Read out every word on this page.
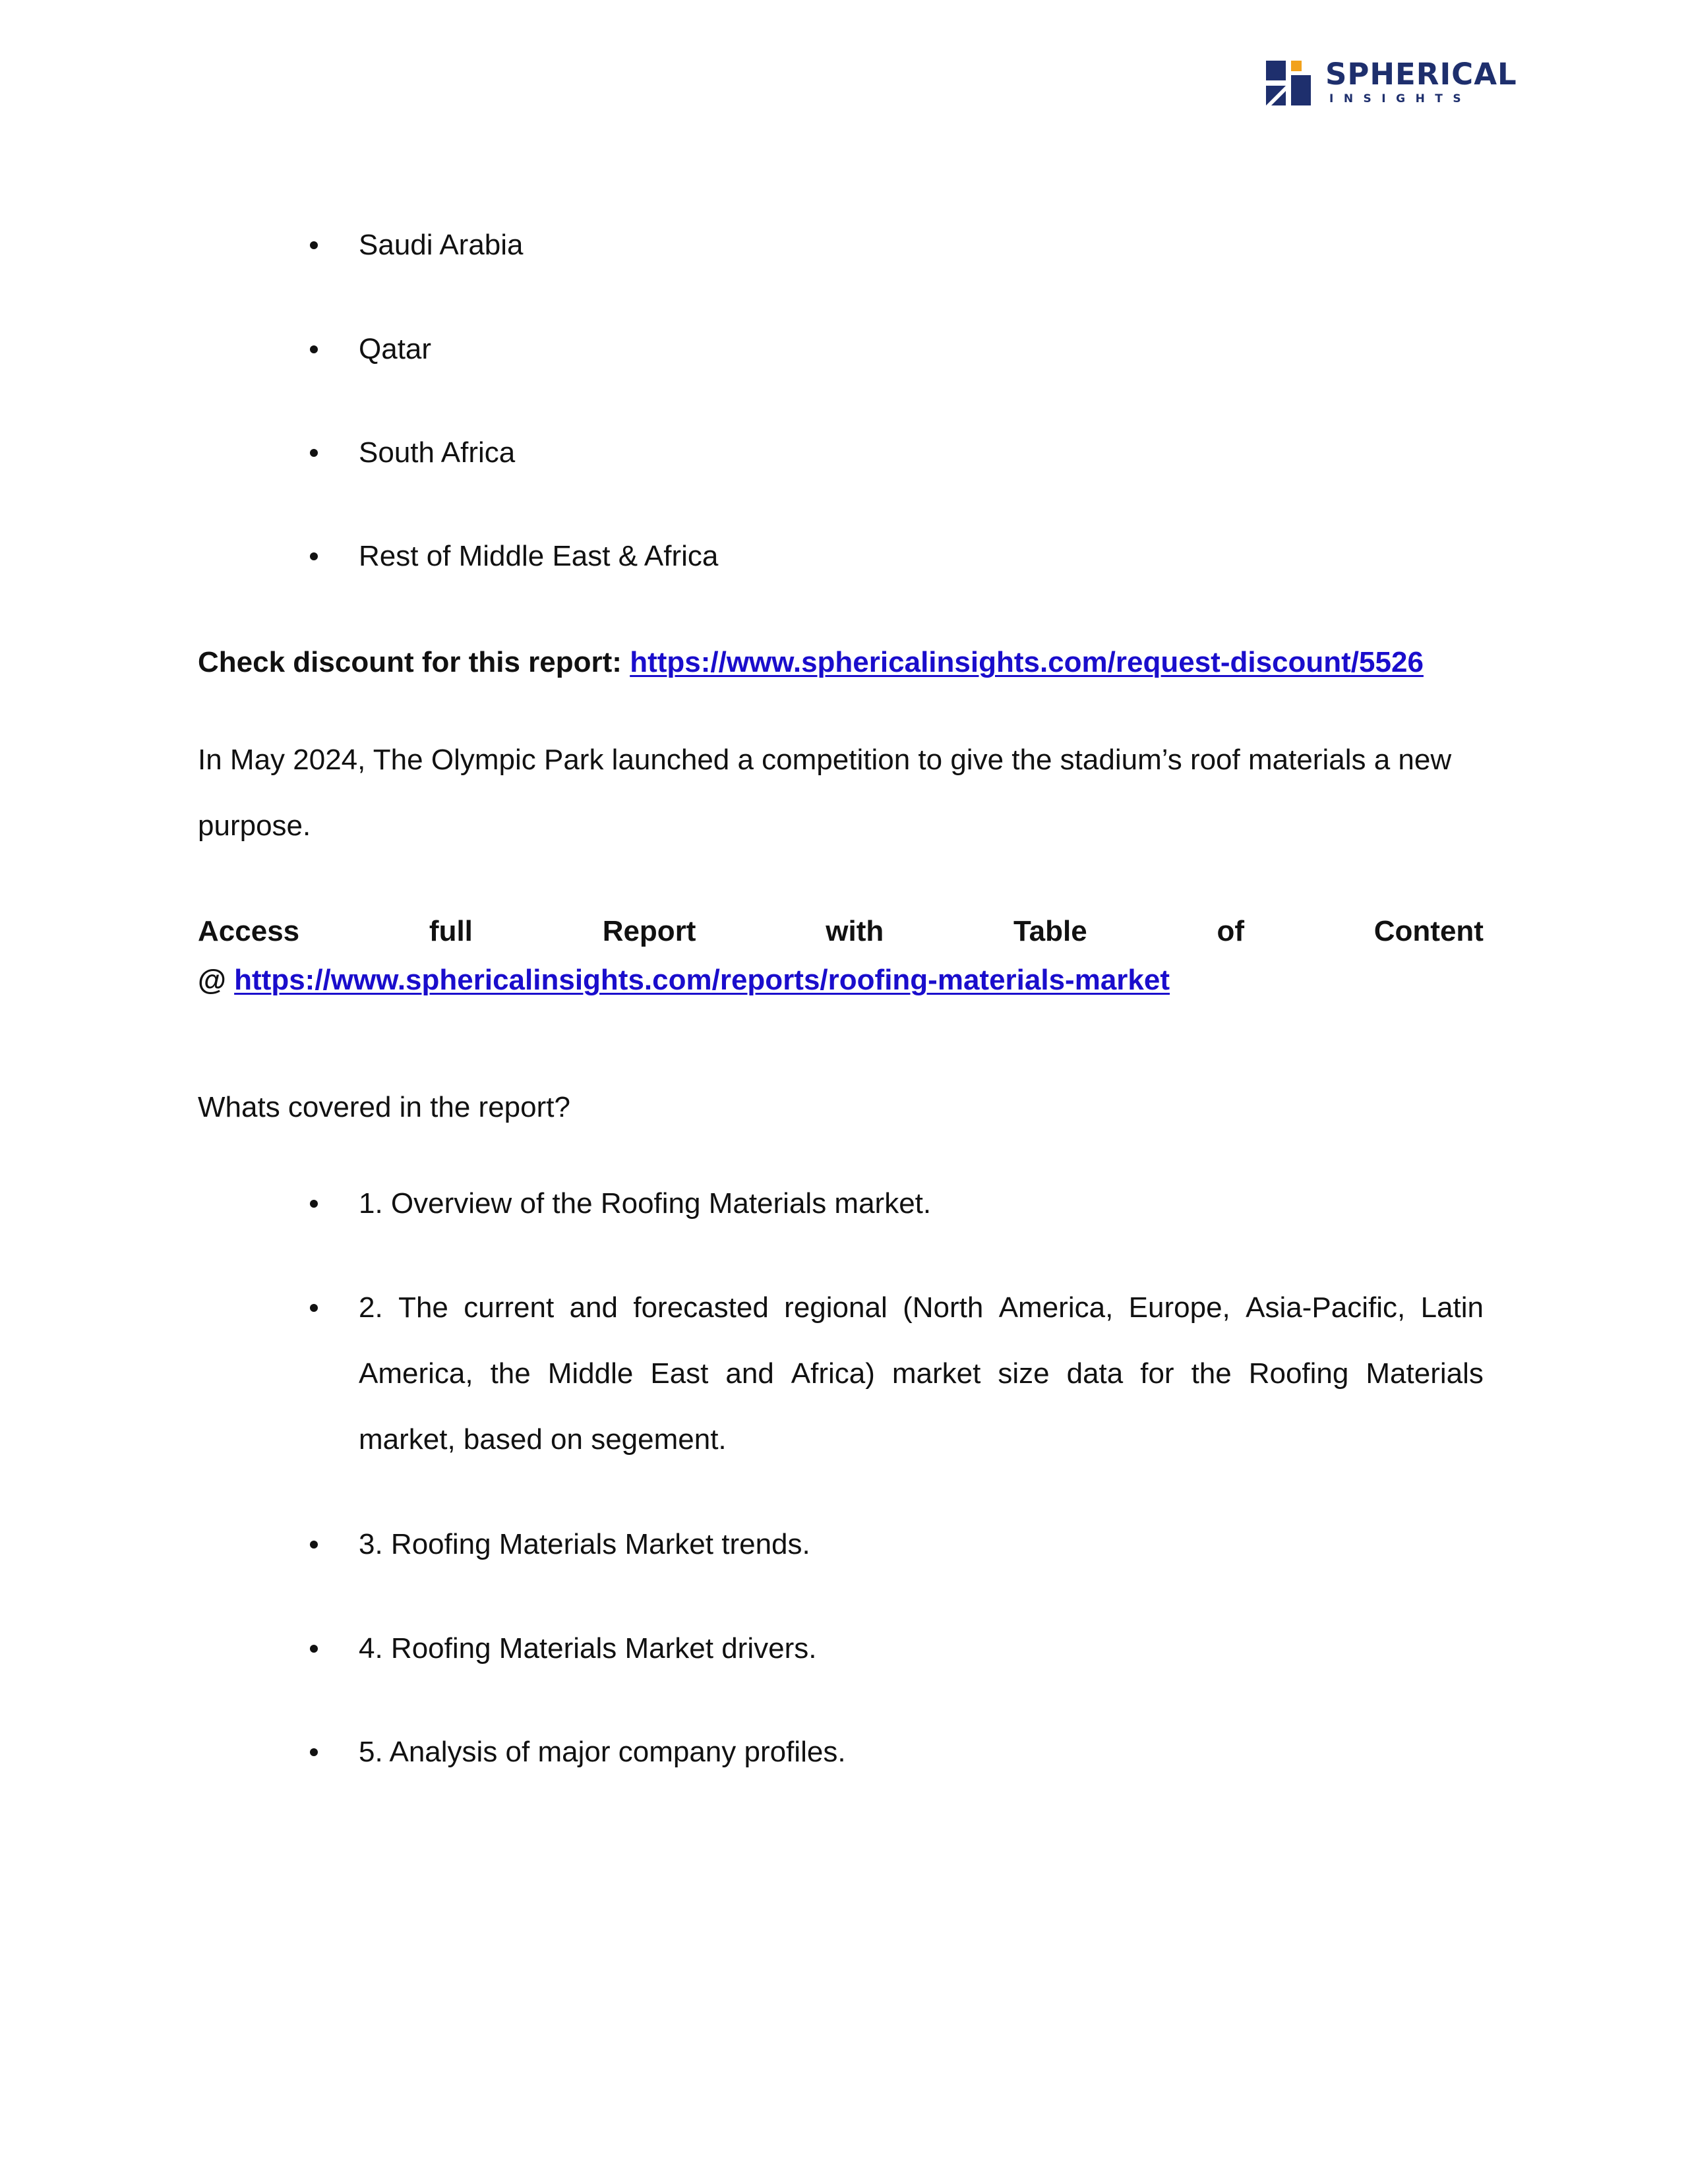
SPHERICAL
INSIGHTS
Saudi Arabia
Qatar
South Africa
Rest of Middle East & Africa
Check discount for this report: https://www.sphericalinsights.com/request-discount/5526
In May 2024, The Olympic Park launched a competition to give the stadium’s roof materials a new
purpose.
Access	full	Report	with	Table	of	Content
@ https://www.sphericalinsights.com/reports/roofing-materials-market
Whats covered in the report?
1. Overview of the Roofing Materials market.
2. The current and forecasted regional (North America, Europe, Asia-Pacific, Latin
America, the Middle East and Africa) market size data for the Roofing Materials
market, based on segement.
3. Roofing Materials Market trends.
4. Roofing Materials Market drivers.
5. Analysis of major company profiles.
